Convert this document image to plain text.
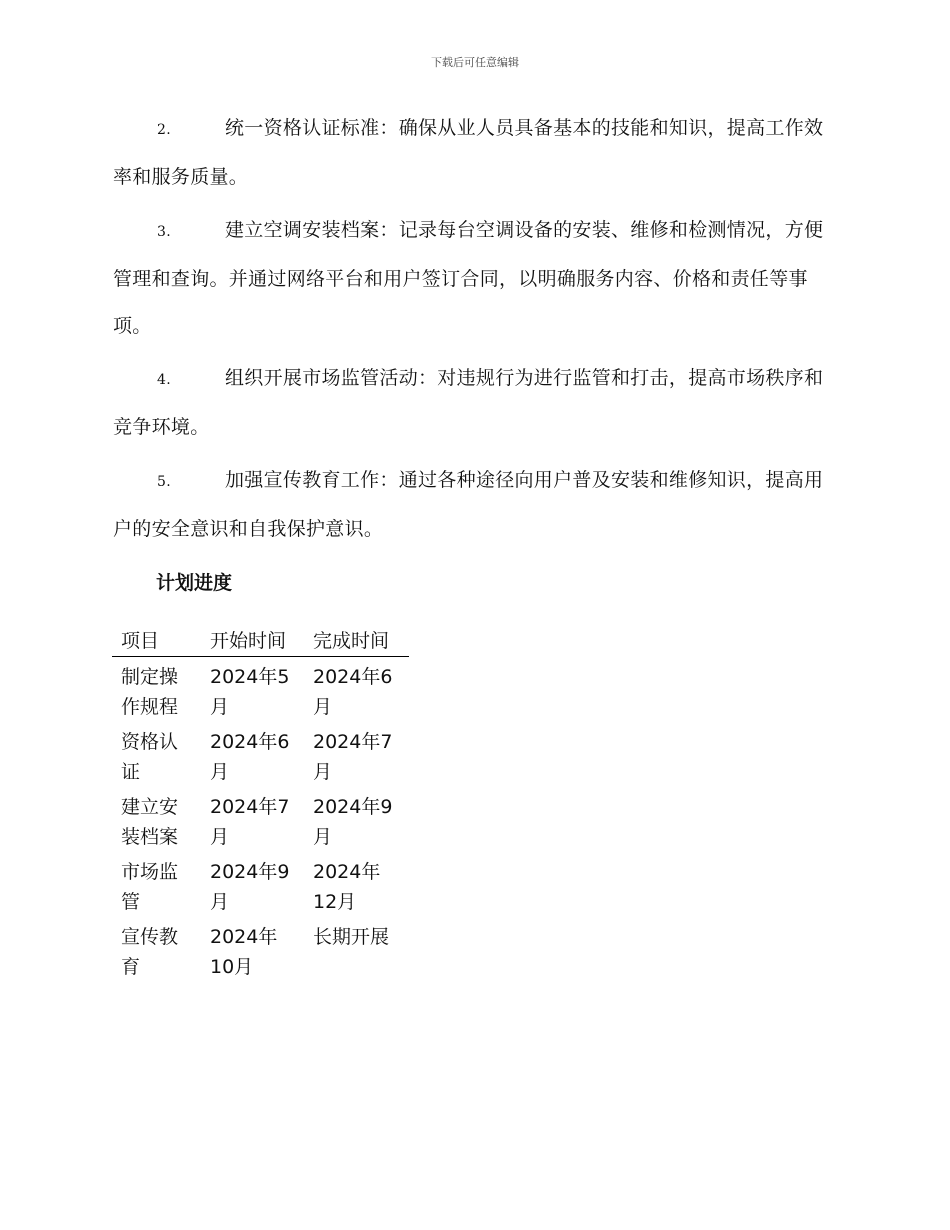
下载后可任意编辑
2.	统一资格认证标准：确保从业人员具备基本的技能和知识，提高工作效率和服务质量。
3.	建立空调安装档案：记录每台空调设备的安装、维修和检测情况，方便管理和查询。并通过网络平台和用户签订合同，以明确服务内容、价格和责任等事项。
4.	组织开展市场监管活动：对违规行为进行监管和打击，提高市场秩序和竞争环境。
5.	加强宣传教育工作：通过各种途径向用户普及安装和维修知识，提高用户的安全意识和自我保护意识。
计划进度
项目	开始时间	完成时间
制定操作规程	2024年5月	2024年6月
资格认证	2024年6月	2024年7月
建立安装档案	2024年7月	2024年9月
市场监管	2024年9月	2024年12月
宣传教育	2024年10月	长期开展
